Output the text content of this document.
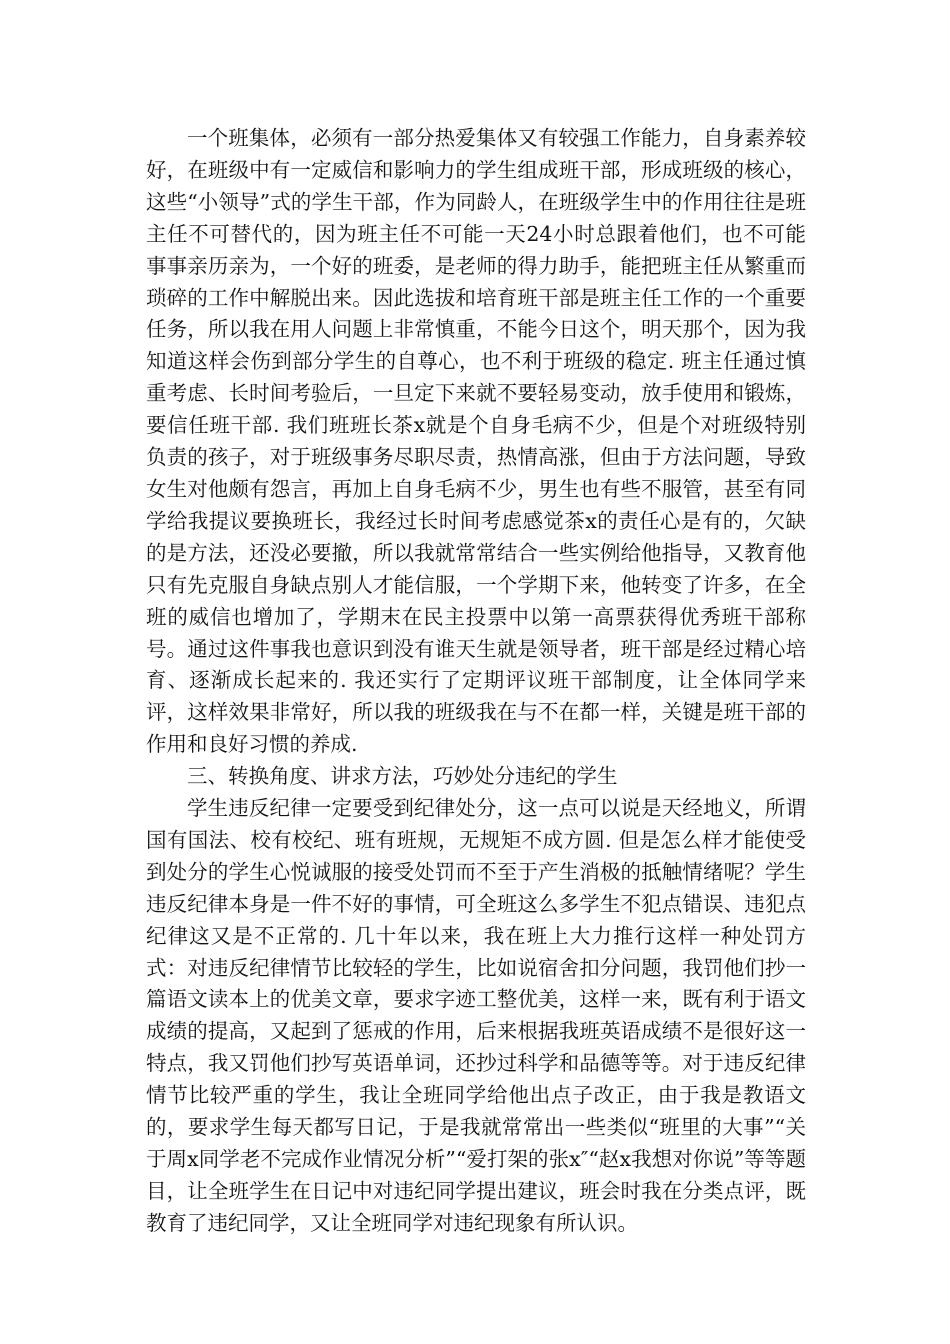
一个班集体，必须有一部分热爱集体又有较强工作能力，自身素养较好，在班级中有一定威信和影响力的学生组成班干部，形成班级的核心，这些“小领导”式的学生干部，作为同龄人，在班级学生中的作用往往是班主任不可替代的，因为班主任不可能一天24小时总跟着他们，也不可能事事亲历亲为，一个好的班委，是老师的得力助手，能把班主任从繁重而琐碎的工作中解脱出来。因此选拔和培育班干部是班主任工作的一个重要任务，所以我在用人问题上非常慎重，不能今日这个，明天那个，因为我知道这样会伤到部分学生的自尊心，也不利于班级的稳定. 班主任通过慎重考虑、长时间考验后，一旦定下来就不要轻易变动，放手使用和锻炼，要信任班干部. 我们班班长茶x就是个自身毛病不少，但是个对班级特别负责的孩子，对于班级事务尽职尽责，热情高涨，但由于方法问题，导致女生对他颇有怨言，再加上自身毛病不少，男生也有些不服管，甚至有同学给我提议要换班长，我经过长时间考虑感觉茶x的责任心是有的，欠缺的是方法，还没必要撤，所以我就常常结合一些实例给他指导，又教育他只有先克服自身缺点别人才能信服，一个学期下来，他转变了许多，在全班的威信也增加了，学期末在民主投票中以第一高票获得优秀班干部称号。通过这件事我也意识到没有谁天生就是领导者，班干部是经过精心培育、逐渐成长起来的. 我还实行了定期评议班干部制度，让全体同学来评，这样效果非常好，所以我的班级我在与不在都一样，关键是班干部的作用和良好习惯的养成.

三、转换角度、讲求方法，巧妙处分违纪的学生

学生违反纪律一定要受到纪律处分，这一点可以说是天经地义，所谓国有国法、校有校纪、班有班规，无规矩不成方圆. 但是怎么样才能使受到处分的学生心悦诚服的接受处罚而不至于产生消极的抵触情绪呢？学生违反纪律本身是一件不好的事情，可全班这么多学生不犯点错误、违犯点纪律这又是不正常的. 几十年以来，我在班上大力推行这样一种处罚方式：对违反纪律情节比较轻的学生，比如说宿舍扣分问题，我罚他们抄一篇语文读本上的优美文章，要求字迹工整优美，这样一来，既有利于语文成绩的提高，又起到了惩戒的作用，后来根据我班英语成绩不是很好这一特点，我又罚他们抄写英语单词，还抄过科学和品德等等。对于违反纪律情节比较严重的学生，我让全班同学给他出点子改正，由于我是教语文的，要求学生每天都写日记，于是我就常常出一些类似“班里的大事”“关于周x同学老不完成作业情况分析”“爱打架的张x″“赵x我想对你说”等等题目，让全班学生在日记中对违纪同学提出建议，班会时我在分类点评，既教育了违纪同学，又让全班同学对违纪现象有所认识。
